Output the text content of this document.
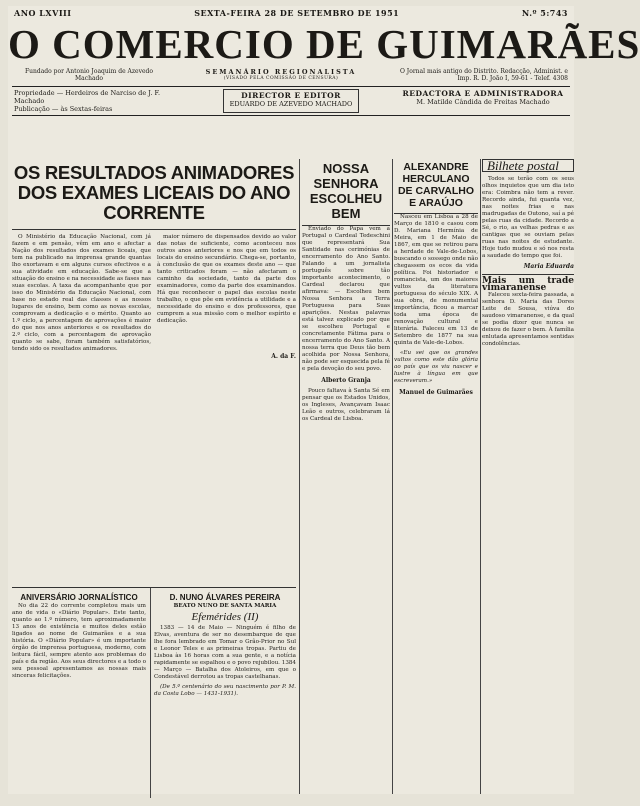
ANO LXVIII	SEXTA-FEIRA 28 DE SETEMBRO DE 1951	N.º 5:743
O COMERCIO DE GUIMARÃES
Fundado por Antonio Joaquim de Azevedo Machado
SEMANÁRIO REGIONALISTA
(VISADO PELA COMISSÃO DE CENSURA)
O Jornal mais antigo do Distrito. Redacção, Administ. e Imp. R. D. João I, 59-61 - Telef. 4308
Propriedade — Herdeiros de Narciso de J. F. Machado
Publicação — às Sextas-feiras
DIRECTOR E EDITOR
EDUARDO DE AZEVEDO MACHADO
REDACTORA E ADMINISTRADORA
M. Matilde Cândida de Freitas Machado
OS RESULTADOS ANIMADORES DOS EXAMES LICEAIS DO ANO CORRENTE

O Ministério da Educação Nacional, com já fazem e em pensão, vêm em ano e afectar a Nação dos resultados dos exames liceais, que tem na publicado na imprensa grande quantas lho exortavam e em alguns cursos efectivos e a sua atividade em educação. Sabe-se que a situação do ensino e na necessidade as fases nas suas escolas. A taxa da acompanhante que por isso do Ministério da Educação Nacional, com base no estado real das classes e as nossos lugares de ensino, bem como as novas escolas, comprovam a dedicação e o mérito. Quanto ao 1.º ciclo, a percentagem de aprovações é maior do que nos anos anteriores e os resultados do 2.º ciclo, com a percentagem de aprovação quanto se sabe, foram também satisfatórios, tendo sido os resultados animadores.

maior número de dispensados devido ao valor das notas de suficiente, como aconteceu nos outros anos anteriores e nos que em todos os locais do ensino secundário. Chega-se, portanto, à conclusão de que os exames deste ano — que tanto criticados foram — não afectaram o caminho da sociedade, tanto da parte dos examinadores, como da parte dos examinandos. Há que reconhecer o papel das escolas neste trabalho, o que põe em evidência a utilidade e a necessidade do ensino e dos professores, que cumprem a sua missão com o melhor espírito e dedicação.

A. da F.
NOSSA SENHORA ESCOLHEU BEM

Enviado do Papa vem a Portugal o Cardeal Tedeschini que representará Sua Santidade nas cerimónias de encerramento do Ano Santo. Falando a um jornalista português sobre tão importante acontecimento, o Cardeal declarou que afirmava: — Escolheu bem Nossa Senhora a Terra Portuguesa para Suas aparições. Nestas palavras está talvez explicado por que se escolheu Portugal e concretamente Fátima para o encerramento do Ano Santo. A nossa terra que Deus tão bem acolhida por Nossa Senhora, não pode ser esquecida pela fé e pela devoção do seu povo.

Alberto Granja

Pouco faltava à Santa Sé em pensar que os Estados Unidos, os Ingleses, Avançavam Isaac Leão e outros, celebraram lá os Cardeal de Lisboa.

ALEXANDRE HERCULANO DE CARVALHO E ARAÚJO

Nasceu em Lisboa a 28 de Março de 1810 e casou com D. Mariana Hermínia de Meira, em 1 de Maio de 1867, em que se retirou para a herdade de Vale-de-Lobos, buscando o sossego onde não chegassem os ecos da vida política. Foi historiador e romancista, um dos maiores vultos da literatura portuguesa do século XIX. A sua obra, de monumental importância, ficou a marcar toda uma época de renovação cultural e literária. Faleceu em 13 de Setembro de 1877 na sua quinta de Vale-de-Lobos.

«Eu sei que os grandes vultos como este dão glória ao país que os viu nascer e lustre à língua em que escreveram.»

Manuel de Guimarães
Bilhete postal

Todos se terão com os seus olhos inquietos que um dia isto era: Coimbra não tem a rever. Recordo ainda, fui quanta vez, nas noites frias e nas madrugadas de Outono, saí a pé pelas ruas da cidade. Recordo a Sé, o rio, as velhas pedras e as cantigas que se ouviam pelas ruas nas noites de estudante. Hoje tudo mudou e só nos resta a saudade do tempo que foi.

Maria Eduarda
Mais um trade vimaranense

Faleceu sexta-feira passada, a senhora D. Maria das Dores Leite de Sousa, viúva do saudoso vimaranense, e da qual se podia dizer que nunca se deixou de fazer o bem. À família enlutada apresentamos sentidas condolências.

ANIVERSÁRIO JORNALÍSTICO

No dia 22 do corrente completou mais um ano de vida o «Diário Popular». Este tanto, quanto ao 1.º número, tem aproximadamente 13 anos de existência e muitos deles estão ligados ao nome de Guimarães e a sua história. O «Diário Popular» é um importante órgão de imprensa portuguesa, moderno, com leitura fácil, sempre atento aos problemas do país e da região. Aos seus directores e a todo o seu pessoal apresentamos as nossas mais sinceras felicitações.

D. NUNO ÁLVARES PEREIRA
BEATO NUNO DE SANTA MARIA
Efemérides (II)

1383 — 14 de Maio — Ninguém é filho de Elvas, aventura de ser no desembarque de que lhe fora lembrado em Tomar o Grão-Prior no Sul e Leonor Teles e as primeiras tropas. Partiu de Lisboa às 16 horas com a sua gente, e a notícia rapidamente se espalhou e o povo rejubilou. 1384 — Março — Batalha dos Atoleiros, em que o Condestável derrotou as tropas castelhanas.

(De 5.º centenário do seu nascimento por P. M. da Costa Lobo — 1431-1931).
